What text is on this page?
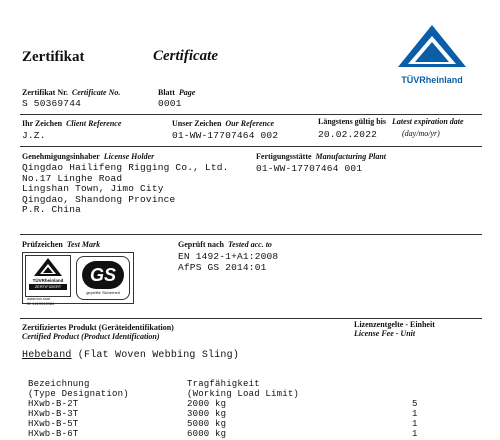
Zertifikat	Certificate
TÜVRheinland
Zertifikat Nr. Certificate No.
S 50369744
Blatt Page
0001
Ihr Zeichen Client Reference
J.Z.
Unser Zeichen Our Reference
01-WW-17707464 002
Längstens gültig bis Latest expiration date
20.02.2022	(day/mo/yr)
Genehmigungsinhaber License Holder
Qingdao Hailifeng Rigging Co., Ltd.
No.17 Linghe Road
Lingshan Town, Jimo City
Qingdao, Shandong Province
P.R. China
Fertigungsstätte Manufacturing Plant
01-WW-17707464 001
Prüfzeichen Test Mark
TÜVRheinland
ZERTIFIZIERT
www.tuv.com
ID 1419043984
GS
geprüfte Sicherheit
Geprüft nach Tested acc. to
EN 1492-1+A1:2008
AfPS GS 2014:01
Zertifiziertes Produkt (Geräteidentifikation)
Certified Product (Product Identification)
Lizenzentgelte - Einheit
License Fee - Unit
Hebeband (Flat Woven Webbing Sling)
Bezeichnung
(Type Designation)
Tragfähigkeit
(Working Load Limit)
HXwb-B-2T	2000 kg	5
HXwb-B-3T	3000 kg	1
HXwb-B-5T	5000 kg	1
HXwb-B-6T	6000 kg	1
